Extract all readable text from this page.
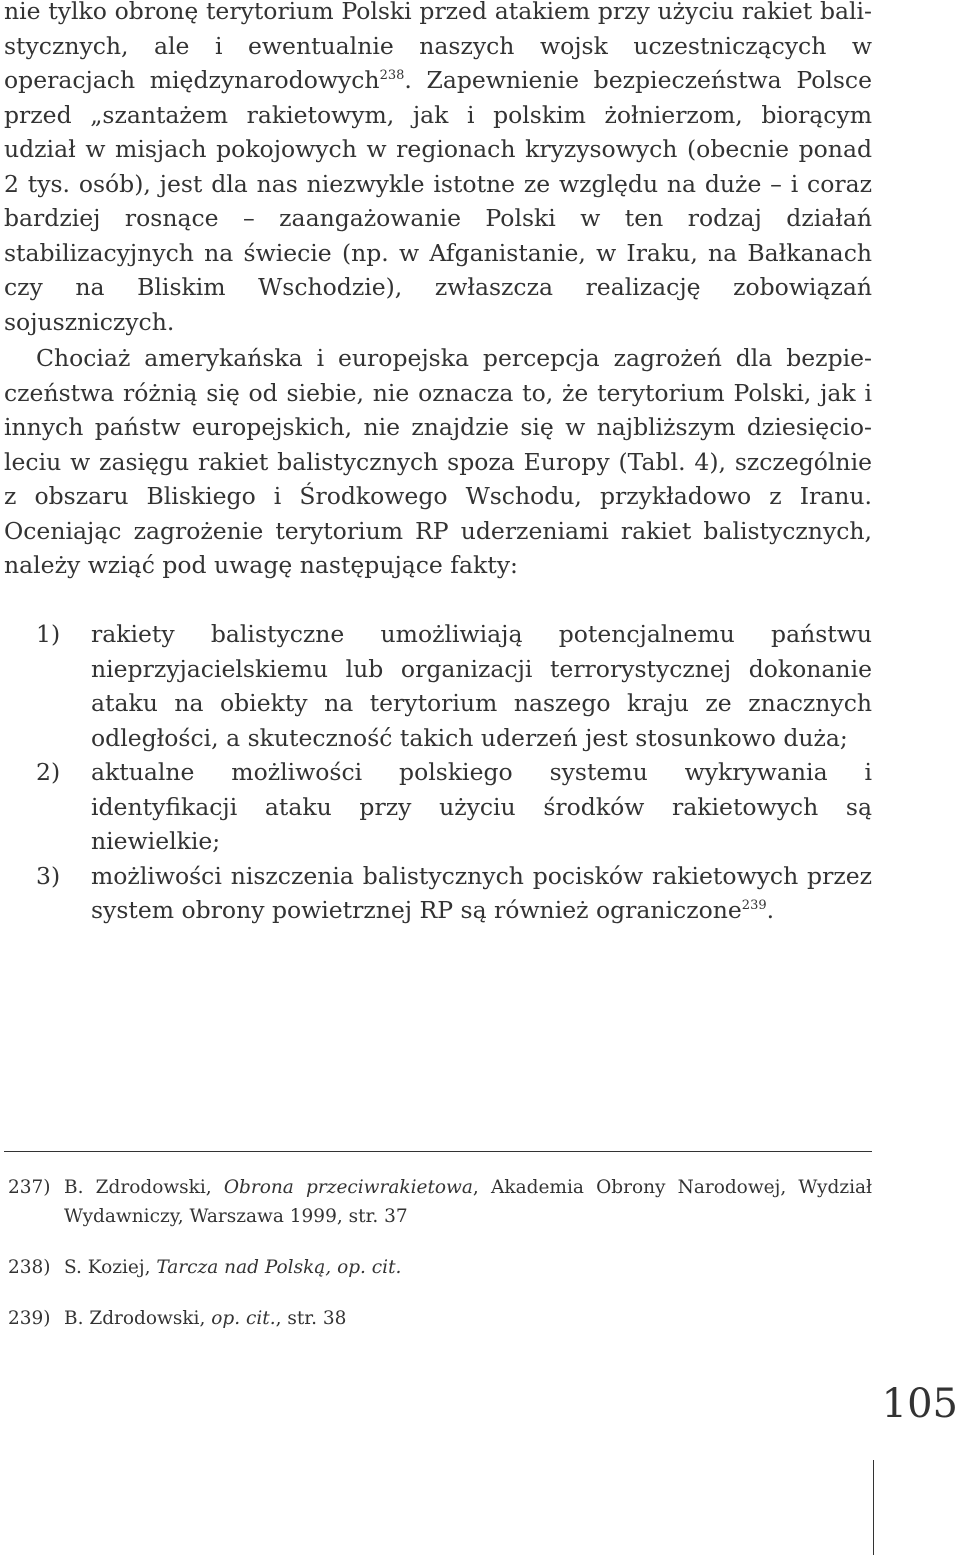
nie tylko obronę terytorium Polski przed atakiem przy użyciu rakiet balistycznych, ale i ewentualnie naszych wojsk uczestniczących w operacjach międzynarodowych$^{238}$. Zapewnienie bezpieczeństwa Polsce przed „szantażem rakietowym, jak i polskim żołnierzom, biorącym udział w misjach pokojowych w regionach kryzysowych (obecnie ponad 2 tys. osób), jest dla nas niezwykle istotne ze względu na duże – i coraz bardziej rosnące – zaangażowanie Polski w ten rodzaj działań stabilizacyjnych na świecie (np. w Afganistanie, w Iraku, na Bałkanach czy na Bliskim Wschodzie), zwłaszcza realizację zobowiązań sojuszniczych.
Chociaż amerykańska i europejska percepcja zagrożeń dla bezpieczeństwa różnią się od siebie, nie oznacza to, że terytorium Polski, jak i innych państw europejskich, nie znajdzie się w najbliższym dziesięcioleciu w zasięgu rakiet balistycznych spoza Europy (Tabl. 4), szczególnie z obszaru Bliskiego i Środkowego Wschodu, przykładowo z Iranu. Oceniając zagrożenie terytorium RP uderzeniami rakiet balistycznych, należy wziąć pod uwagę następujące fakty:
1) rakiety balistyczne umożliwiają potencjalnemu państwu nieprzyjacielskiemu lub organizacji terrorystycznej dokonanie ataku na obiekty na terytorium naszego kraju ze znacznych odległości, a skuteczność takich uderzeń jest stosunkowo duża;
2) aktualne możliwości polskiego systemu wykrywania i identyfikacji ataku przy użyciu środków rakietowych są niewielkie;
3) możliwości niszczenia balistycznych pocisków rakietowych przez system obrony powietrznej RP są również ograniczone$^{239}$.
237) B. Zdrodowski, Obrona przeciwrakietowa, Akademia Obrony Narodowej, Wydział Wydawniczy, Warszawa 1999, str. 37
238) S. Koziej, Tarcza nad Polską, op. cit.
239) B. Zdrodowski, op. cit., str. 38
105
